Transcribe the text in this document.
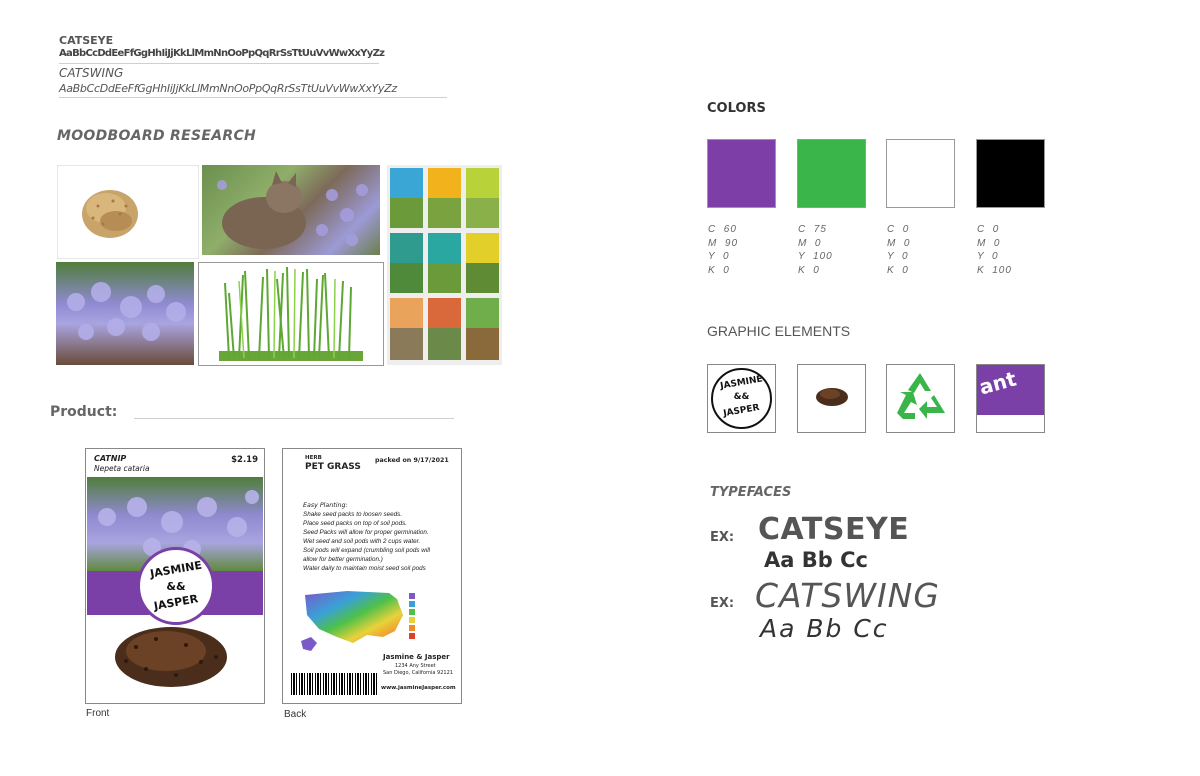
CATSEYE
AaBbCcDdEeFfGgHhIiJjKkLlMmNnOoPpQqRrSsTtUuVvWwXxYyZz
CATSWING
AaBbCcDdEeFfGgHhIiJjKkLlMmNnOoPpQqRrSsTtUuVvWwXxYyZz
MOODBOARD RESEARCH
Product:
CATNIP
Nepeta cataria
$2.19
JASMINE
&&
JASPER
Front
HERB
PET GRASS
packed on 9/17/2021
Easy Planting:
Shake seed packs to loosen seeds.
Place seed packs on top of soil pods.
Seed Packs will allow for proper germination.
Wet seed and soil pods with 2 cups water.
Soil pods will expand (crumbling soil pods will
allow for better germination.)
Water daily to maintain moist seed soil pods
Jasmine & Jasper
1234 Any Street
San Diego, California 92121
www.jasmineJasper.com
Back
COLORS
C  60
M  90
Y  0
K  0
C  75
M  0
Y  100
K  0
C  0
M  0
Y  0
K  0
C  0
M  0
Y  0
K  100
GRAPHIC ELEMENTS
JASMINE
&&
JASPER
ant
TYPEFACES
EX: CATSEYE
Aa Bb Cc
EX: CATSWING
Aa Bb Cc
